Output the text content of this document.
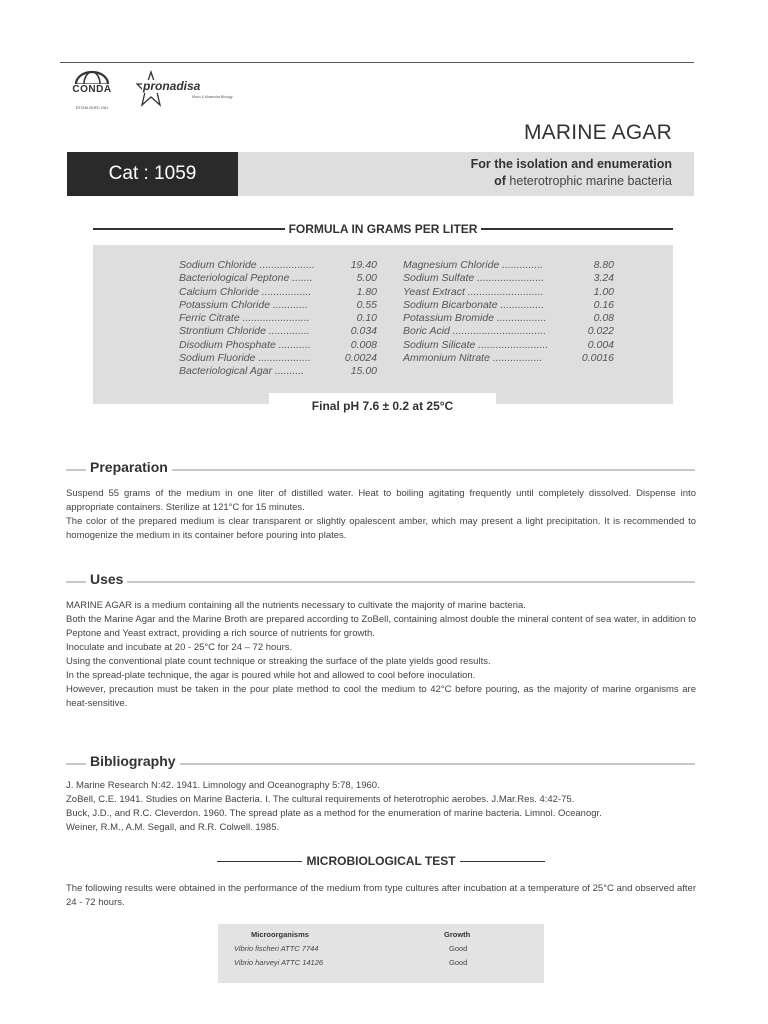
CONDA
ESTABLISHED 1961
pronadisa
Micro & Molecular Biology
MARINE AGAR
Cat : 1059	For the isolation and enumeration
of heterotrophic marine bacteria
FORMULA IN GRAMS PER LITER
Sodium Chloride ...................	19.40
Bacteriological Peptone .......	5.00
Calcium Chloride .................	1.80
Potassium Chloride ............	0.55
Ferric Citrate .......................	0.10
Strontium Chloride ..............	0.034
Disodium Phosphate ...........	0.008
Sodium Fluoride ..................	0.0024
Bacteriological Agar ..........	15.00
Magnesium Chloride ..............	8.80
Sodium Sulfate .......................	3.24
Yeast Extract ..........................	1.00
Sodium Bicarbonate ...............	0.16
Potassium Bromide .................	0.08
Boric Acid ................................	0.022
Sodium Silicate ........................	0.004
Ammonium Nitrate .................	0.0016
Final pH 7.6 ± 0.2 at 25°C
Preparation
Suspend 55 grams of the medium in one liter of distilled water. Heat to boiling agitating frequently until completely dissolved. Dispense into appropriate containers. Sterilize at 121°C for 15 minutes.
The color of the prepared medium is clear transparent or slightly opalescent amber, which may present a light precipitation. It is recommended to homogenize the medium in its container before pouring into plates.
Uses
MARINE AGAR is a medium containing all the nutrients necessary to cultivate the majority of marine bacteria.
Both the Marine Agar and the Marine Broth are prepared according to ZoBell, containing almost double the mineral content of sea water, in addition to Peptone and Yeast extract, providing a rich source of nutrients for growth.
Inoculate and incubate at 20 - 25°C for 24 – 72 hours.
Using the conventional plate count technique or streaking the surface of the plate yields good results.
In the spread-plate technique, the agar is poured while hot and allowed to cool before inoculation.
However, precaution must be taken in the pour plate method to cool the medium to 42°C before pouring, as the majority of marine organisms are heat-sensitive.
Bibliography
J. Marine Research N:42. 1941. Limnology and Oceanography 5:78, 1960.
ZoBell, C.E. 1941. Studies on Marine Bacteria. I. The cultural requirements of heterotrophic aerobes. J.Mar.Res. 4:42-75.
Buck, J.D., and R.C. Cleverdon. 1960. The spread plate as a method for the enumeration of marine bacteria. Limnol. Oceanogr.
Weiner, R.M., A.M. Segall, and R.R. Colwell. 1985.
MICROBIOLOGICAL TEST
The following results were obtained in the performance of the medium from type cultures after incubation at a temperature of 25°C and observed after 24 - 72 hours.
Microorganisms	Growth
Vibrio fischeri ATTC 7744	Good
Vibrio harveyi ATTC 14126	Good
